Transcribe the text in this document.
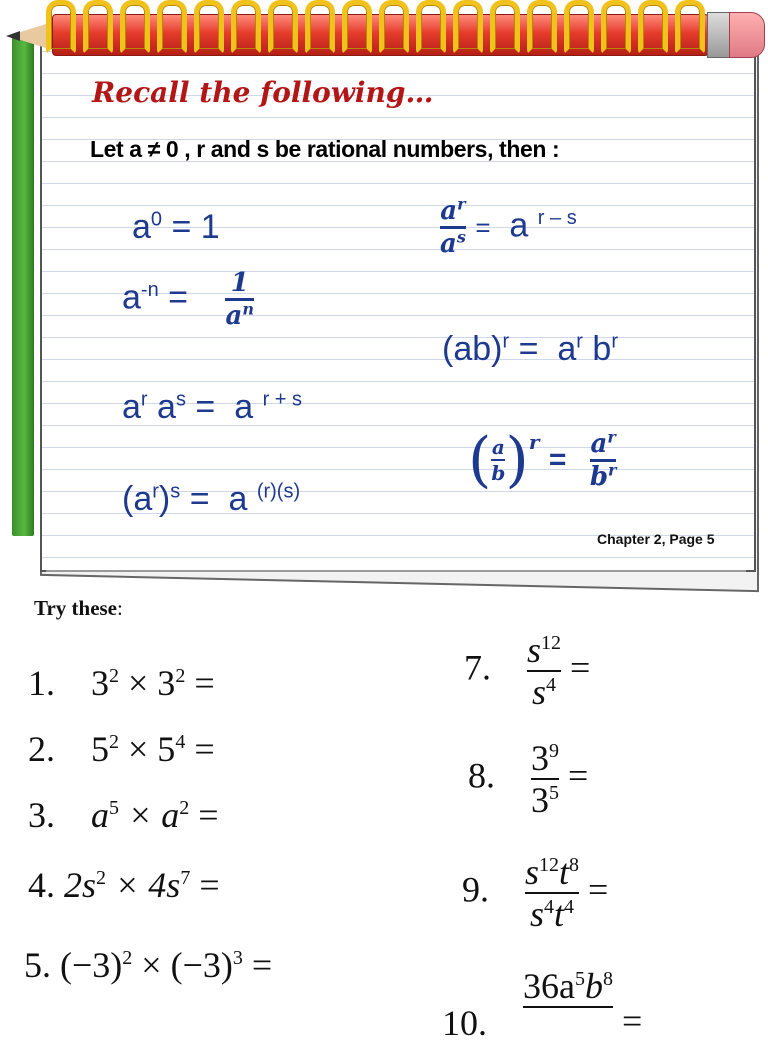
Recall the following…
Let a ≠ 0 , r and s be rational numbers, then :
$a^0 = 1$
$a^{-n} = \frac{1}{a^n}$
$a^r$ $a^s = a$ $^{r + s}$
$(a^r)^s = a$ $^{(r)(s)}$
$\frac{a^r}{a^s} = a$ $^{r - s}$
$(ab)^r = a^r$ $b^r$
( $\frac{a}{b} )^r = \frac{a^r}{b^r}$
Chapter 2, Page 5
Try these:
1. $3^2 \times 3^2$ =
2. $5^2 \times 5^4$ =
3. $a^5 \times a^2$ =
4. $2s^2 \times 4s^7$ =
5. $(-3)^2 \times (-3)^3$ =
7. $\frac{s^{12}}{s^4}$ =
8. $\frac{3^9}{3^5}$ =
9. $\frac{s^{12}t^8}{s^4t^4}$ =
10.
$36a^5b^8$
=
